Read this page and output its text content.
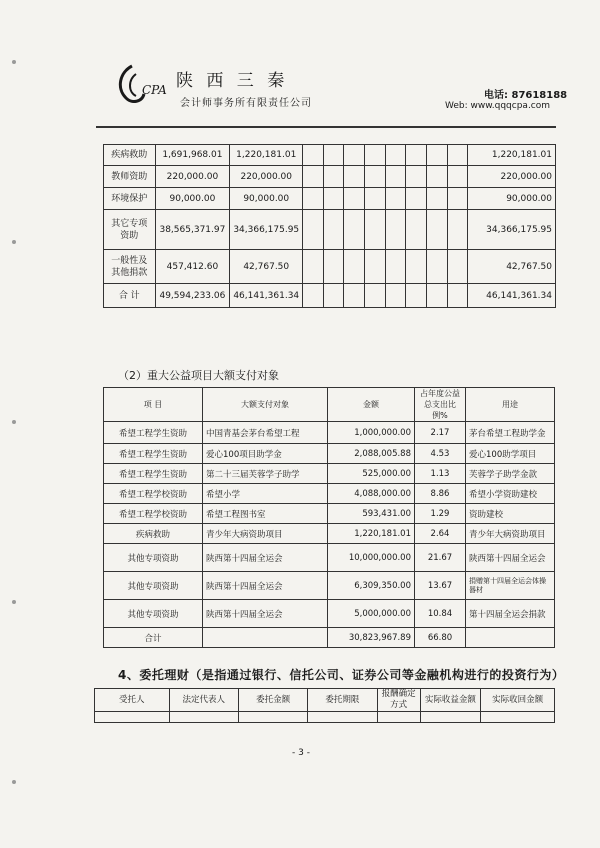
CPA 陕 西 三 秦
会计师事务所有限责任公司
电话: 87618188
Web: www.qqqcpa.com
疾病救助	1,691,968.01	1,220,181.01									1,220,181.01
教师资助	220,000.00	220,000.00									220,000.00
环境保护	90,000.00	90,000.00									90,000.00
其它专项资助	38,565,371.97	34,366,175.95									34,366,175.95
一般性及其他捐款	457,412.60	42,767.50									42,767.50
合 计	49,594,233.06	46,141,361.34									46,141,361.34
（2）重大公益项目大额支付对象
项 目	大额支付对象	金额	占年度公益总支出比例%	用途
希望工程学生资助	中国青基会茅台希望工程	1,000,000.00	2.17	茅台希望工程助学金
希望工程学生资助	爱心100项目助学金	2,088,005.88	4.53	爱心100助学项目
希望工程学生资助	第二十三届芙蓉学子助学	525,000.00	1.13	芙蓉学子助学金款
希望工程学校资助	希望小学	4,088,000.00	8.86	希望小学资助建校
希望工程学校资助	希望工程图书室	593,431.00	1.29	资助建校
疾病救助	青少年大病资助项目	1,220,181.01	2.64	青少年大病资助项目
其他专项资助	陕西第十四届全运会	10,000,000.00	21.67	陕西第十四届全运会
其他专项资助	陕西第十四届全运会	6,309,350.00	13.67	捐赠第十四届全运会体操器材
其他专项资助	陕西第十四届全运会	5,000,000.00	10.84	第十四届全运会捐款
合计		30,823,967.89	66.80	
4、委托理财（是指通过银行、信托公司、证券公司等金融机构进行的投资行为）
受托人	法定代表人	委托金额	委托期限	报酬确定方式	实际收益金额	实际收回金额

- 3 -
